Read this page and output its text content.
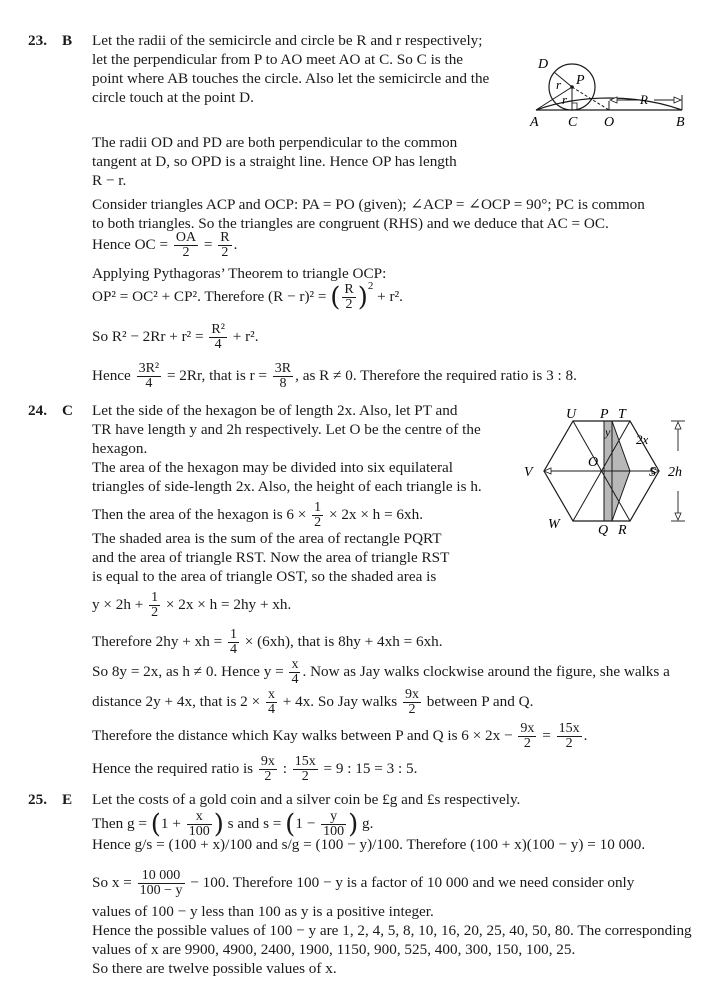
23. B Let the radii of the semicircle and circle be R and r respectively;
let the perpendicular from P to AO meet AO at C. So C is the
point where AB touches the circle. Also let the semicircle and the
circle touch at the point D.
D
P
r
r	R
A C O	B
The radii OD and PD are both perpendicular to the common
tangent at D, so OPD is a straight line. Hence OP has length
R − r.
Consider triangles ACP and OCP: PA = PO (given); ∠ACP = ∠OCP = 90°; PC is common
to both triangles. So the triangles are congruent (RHS) and we deduce that AC = OC.
Hence OC = $\frac{OA}{2} = \frac{R}{2}$ .
Applying Pythagoras’ Theorem to triangle OCP:
OP² = OC² + CP². Therefore (R − r)² = ( $\frac{R}{2} )^2 + r^2$.
So $R^2 - 2Rr + r^2 = \frac{\text{R²}}{4} + r^2$.
Hence $\frac{\text{3R²}}{4} = 2Rr$, that is $r = \frac{3R}{8}$ , as R ≠ 0. Therefore the required ratio is 3 : 8.
24. C Let the side of the hexagon be of length 2x. Also, let PT and
TR have length y and 2h respectively. Let O be the centre of the
hexagon.
The area of the hexagon may be divided into six equilateral
triangles of side-length 2x. Also, the height of each triangle is h.
U P T
2x
y
O
V	S 2h
W	Q R
Then the area of the hexagon is $6 \times \frac{1}{2} \times 2x \times h = 6xh$.
The shaded area is the sum of the area of rectangle PQRT
and the area of triangle RST. Now the area of triangle RST
is equal to the area of triangle OST, so the shaded area is
$y \times 2h + \frac{1}{2} \times 2x \times h = 2hy$ + xh.
Therefore 2hy + xh = $\frac{1}{4} \times (6xh)$, that is 8hy + 4xh = 6xh.
So 8y = 2x, as h ≠ 0. Hence $y = \frac{x}{4}$ . Now as Jay walks clockwise around the figure, she walks a
distance 2y + 4x, that is $2 \times \frac{x}{4} + 4x$. So Jay walks $\frac{9x}{2}$ between P and Q.
Therefore the distance which Kay walks between P and Q is $6 \times 2x - \frac{9x}{2} = \frac{15x}{2}$ .
Hence the required ratio is $\frac{9x}{2}$ : $\frac{15x}{2} = 9$ : 15 = 3 : 5.
25. E Let the costs of a gold coin and a silver coin be £g and £s respectively.
Then $g = (1 + \frac{x}{100}$ ) s and $s = (1 - \frac{y}{100}$ ) g.
Hence g/s = (100 + x)/100 and s/g = (100 − y)/100. Therefore (100 + x)(100 − y) = 10 000.
So $x = \frac{10 000}{100 - y} - 100$. Therefore 100 − y is a factor of 10 000 and we need consider only
values of 100 − y less than 100 as y is a positive integer.
Hence the possible values of 100 − y are 1, 2, 4, 5, 8, 10, 16, 20, 25, 40, 50, 80. The corresponding
values of x are 9900, 4900, 2400, 1900, 1150, 900, 525, 400, 300, 150, 100, 25.
So there are twelve possible values of x.
